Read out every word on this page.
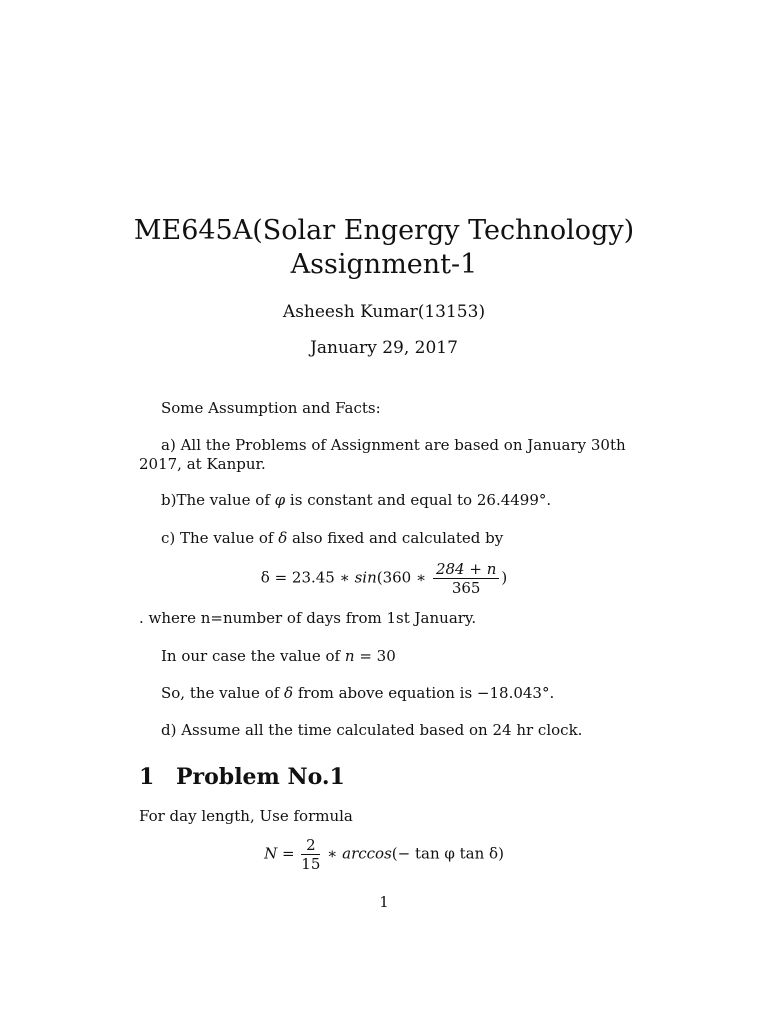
ME645A(Solar Engergy Technology)
Assignment-1
Asheesh Kumar(13153)
January 29, 2017
Some Assumption and Facts:
a) All the Problems of Assignment are based on January 30th 2017, at Kanpur.
b)The value of φ is constant and equal to 26.4499°.
c) The value of δ also fixed and calculated by
δ = 23.45 ∗ sin(360 ∗ $\frac{284 + n}{365}$ )
. where n=number of days from 1st January.
In our case the value of n = 30
So, the value of δ from above equation is −18.043°.
d) Assume all the time calculated based on 24 hr clock.
1 Problem No.1
For day length, Use formula
$N = \frac{2}{15}$ ∗ arccos(− tan φ tan δ)
1
